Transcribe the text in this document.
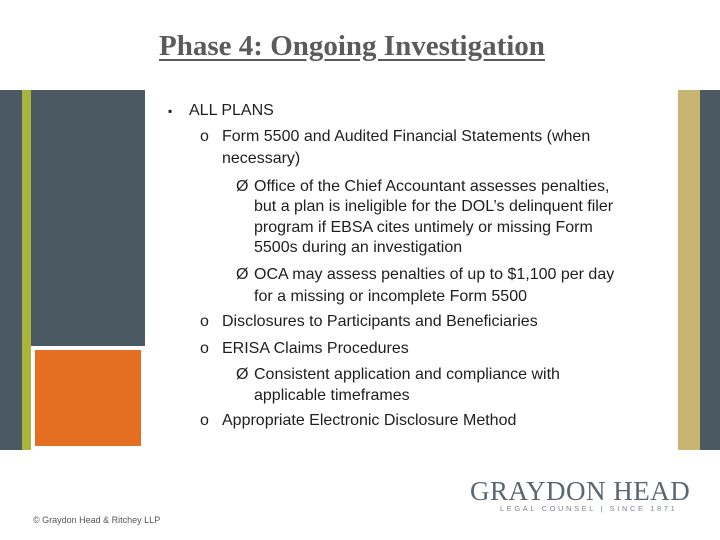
Phase 4: Ongoing Investigation
▪ ALL PLANS
o Form 5500 and Audited Financial Statements (when
necessary)
Ø Office of the Chief Accountant assesses penalties,
but a plan is ineligible for the DOL’s delinquent filer
program if EBSA cites untimely or missing Form
5500s during an investigation
Ø OCA may assess penalties of up to $1,100 per day
for a missing or incomplete Form 5500
o Disclosures to Participants and Beneficiaries
o ERISA Claims Procedures
Ø Consistent application and compliance with
applicable timeframes
o Appropriate Electronic Disclosure Method
GRAYDON HEAD
LEGAL COUNSEL | SINCE 1871
© Graydon Head & Ritchey LLP
